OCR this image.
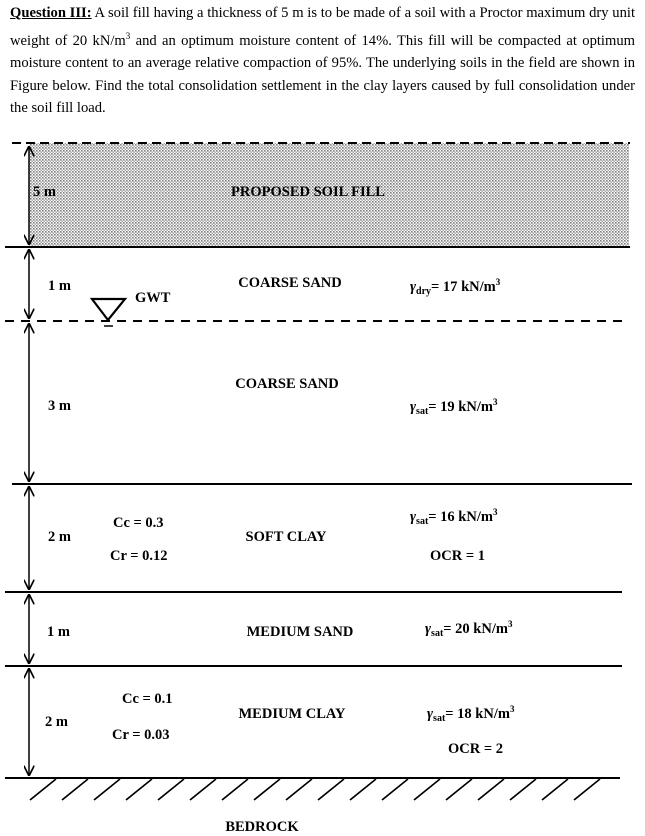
Question III: A soil fill having a thickness of 5 m is to be made of a soil with a Proctor maximum dry unit weight of 20 $kN/m^3$ and an optimum moisture content of 14%. This fill will be compacted at optimum moisture content to an average relative compaction of 95%. The underlying soils in the field are shown in Figure below. Find the total consolidation settlement in the clay layers caused by full consolidation under the soil fill load.
5 m	PROPOSED SOIL FILL
1 m
GWT
COARSE SAND	$\gamma_{dry}= 17$ $kN/m^3$
3 m
COARSE SAND
$\gamma_{sat}= 19$ $kN/m^3$
2 m
Cc = 0.3
Cr = 0.12
SOFT CLAY
$\gamma_{sat}= 16$ $kN/m^3$
OCR = 1
1 m	MEDIUM SAND	$\gamma_{sat}= 20$ $kN/m^3$
2 m
Cc = 0.1
Cr = 0.03
MEDIUM CLAY	$\gamma_{sat}= 18$ $kN/m^3$
OCR = 2
BEDROCK
